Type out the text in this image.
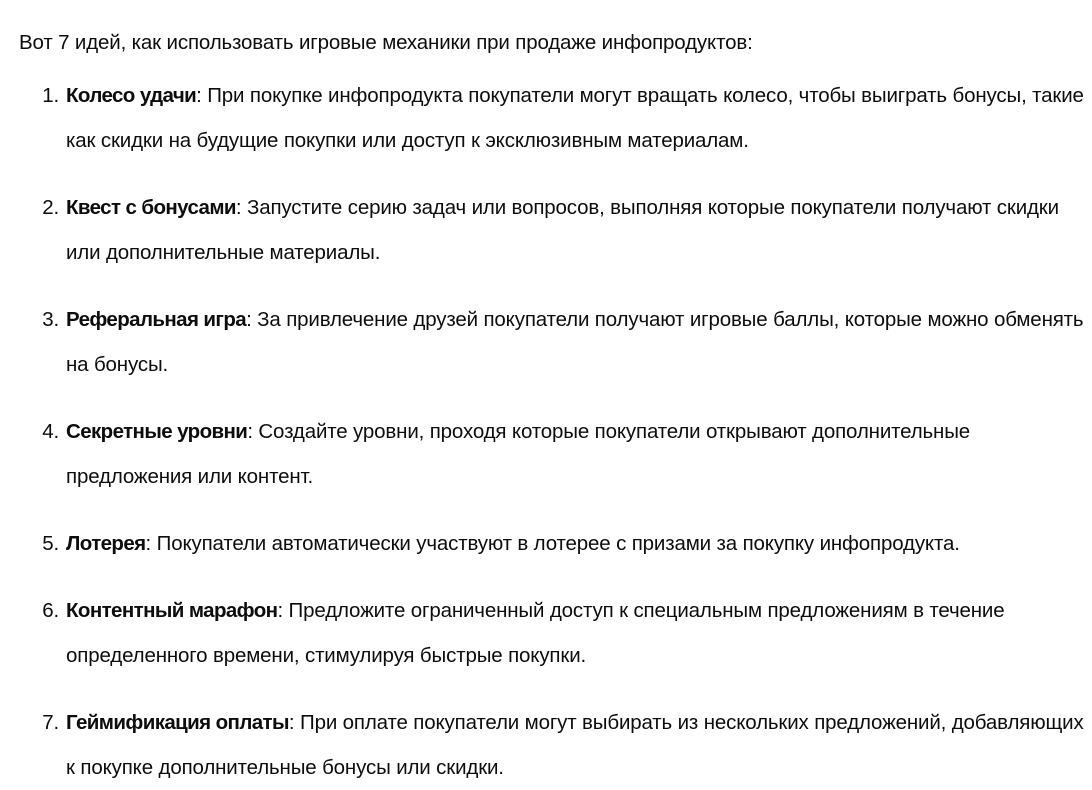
Вот 7 идей, как использовать игровые механики при продаже инфопродуктов:

1. Колесо удачи: При покупке инфопродукта покупатели могут вращать колесо, чтобы выиграть бонусы, такие как скидки на будущие покупки или доступ к эксклюзивным материалам.
2. Квест с бонусами: Запустите серию задач или вопросов, выполняя которые покупатели получают скидки или дополнительные материалы.
3. Реферальная игра: За привлечение друзей покупатели получают игровые баллы, которые можно обменять на бонусы.
4. Секретные уровни: Создайте уровни, проходя которые покупатели открывают дополнительные предложения или контент.
5. Лотерея: Покупатели автоматически участвуют в лотерее с призами за покупку инфопродукта.
6. Контентный марафон: Предложите ограниченный доступ к специальным предложениям в течение определенного времени, стимулируя быстрые покупки.
7. Геймификация оплаты: При оплате покупатели могут выбирать из нескольких предложений, добавляющих к покупке дополнительные бонусы или скидки.
